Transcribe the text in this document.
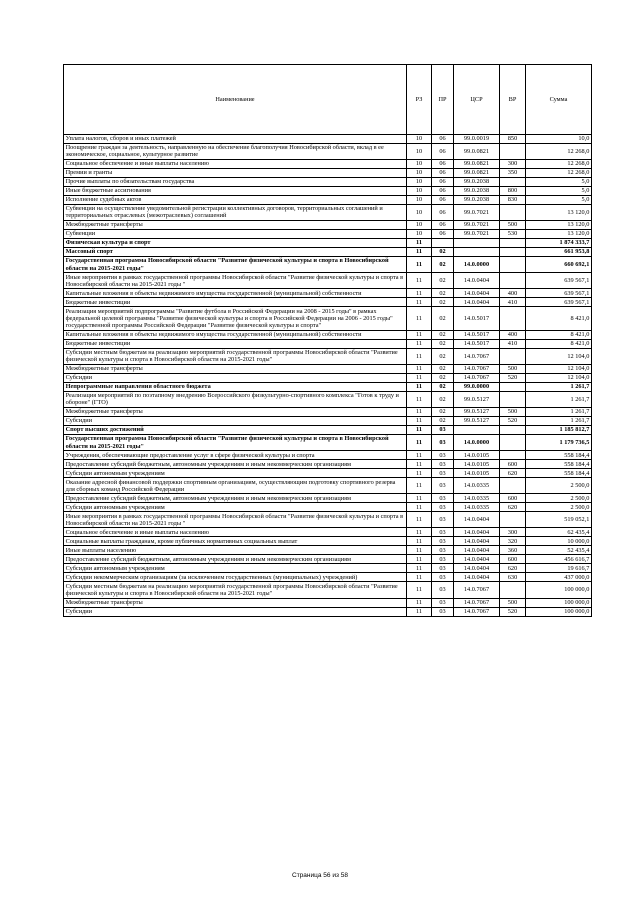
Наименование	РЗ	ПР	ЦСР	ВР	Сумма
Уплата налогов, сборов и иных платежей	10	06	99.0.0019	850	10,0
Поощрение граждан за деятельность, направленную на обеспечение благополучия Новосибирской области, вклад в ее экономическое, социальное, культурное развитие	10	06	99.0.0821		12 268,0
Социальное обеспечение и иные выплаты населению	10	06	99.0.0821	300	12 268,0
Премии и гранты	10	06	99.0.0821	350	12 268,0
Прочие выплаты по обязательствам государства	10	06	99.0.2038		5,0
Иные бюджетные ассигнования	10	06	99.0.2038	800	5,0
Исполнение судебных актов	10	06	99.0.2038	830	5,0
Субвенции на осуществление уведомительной регистрации коллективных договоров, территориальных соглашений и территориальных отраслевых (межотраслевых) соглашений	10	06	99.0.7021		13 120,0
Межбюджетные трансферты	10	06	99.0.7021	500	13 120,0
Субвенции	10	06	99.0.7021	530	13 120,0
Физическая культура и спорт	11				1 874 333,7
Массовый спорт	11	02			661 953,8
Государственная программа Новосибирской области "Развитие физической культуры и спорта в Новосибирской области на 2015-2021 годы"	11	02	14.0.0000		660 692,1
Иные мероприятия в рамках государственной программы Новосибирской области "Развитие физической культуры и спорта в Новосибирской области на 2015-2021 годы "	11	02	14.0.0404		639 567,1
Капитальные вложения в объекты недвижимого имущества государственной (муниципальной) собственности	11	02	14.0.0404	400	639 567,1
Бюджетные инвестиции	11	02	14.0.0404	410	639 567,1
Реализация мероприятий подпрограммы "Развитие футбола в Российской Федерации на 2008 - 2015 годы" в рамках федеральной целевой программы "Развитие физической культуры и спорта в Российской Федерации на 2006 - 2015 годы" государственной программы Российской Федерации "Развитие физической культуры и спорта"	11	02	14.0.5017		8 421,0
Капитальные вложения в объекты недвижимого имущества государственной (муниципальной) собственности	11	02	14.0.5017	400	8 421,0
Бюджетные инвестиции	11	02	14.0.5017	410	8 421,0
Субсидии местным бюджетам на реализацию мероприятий государственной программы Новосибирской области "Развитие физической культуры и спорта в Новосибирской области на 2015-2021 годы"	11	02	14.0.7067		12 104,0
Межбюджетные трансферты	11	02	14.0.7067	500	12 104,0
Субсидии	11	02	14.0.7067	520	12 104,0
Непрограммные направления областного бюджета	11	02	99.0.0000		1 261,7
Реализация мероприятий по поэтапному внедрению Всероссийского физкультурно-спортивного комплекса "Готов к труду и обороне" (ГТО)	11	02	99.0.5127		1 261,7
Межбюджетные трансферты	11	02	99.0.5127	500	1 261,7
Субсидии	11	02	99.0.5127	520	1 261,7
Спорт высших достижений	11	03			1 185 812,7
Государственная программа Новосибирской области "Развитие физической культуры и спорта в Новосибирской области на 2015-2021 годы"	11	03	14.0.0000		1 179 736,5
Учреждения, обеспечивающие предоставление услуг в сфере физической культуры и спорта	11	03	14.0.0105		558 184,4
Предоставление субсидий бюджетным, автономным учреждениям и иным некоммерческим организациям	11	03	14.0.0105	600	558 184,4
Субсидии автономным учреждениям	11	03	14.0.0105	620	558 184,4
Оказание адресной финансовой поддержки спортивным организациям, осуществляющим подготовку спортивного резерва для сборных команд Российской Федерации	11	03	14.0.0335		2 500,0
Предоставление субсидий бюджетным, автономным учреждениям и иным некоммерческим организациям	11	03	14.0.0335	600	2 500,0
Субсидии автономным учреждениям	11	03	14.0.0335	620	2 500,0
Иные мероприятия в рамках государственной программы Новосибирской области "Развитие физической культуры и спорта в Новосибирской области на 2015-2021 годы "	11	03	14.0.0404		519 052,1
Социальное обеспечение и иные выплаты населению	11	03	14.0.0404	300	62 435,4
Социальные выплаты гражданам, кроме публичных нормативных социальных выплат	11	03	14.0.0404	320	10 000,0
Иные выплаты населению	11	03	14.0.0404	360	52 435,4
Предоставление субсидий бюджетным, автономным учреждениям и иным некоммерческим организациям	11	03	14.0.0404	600	456 616,7
Субсидии автономным учреждениям	11	03	14.0.0404	620	19 616,7
Субсидии некоммерческим организациям (за исключением государственных (муниципальных) учреждений)	11	03	14.0.0404	630	437 000,0
Субсидии местным бюджетам на реализацию мероприятий государственной программы Новосибирской области "Развитие физической культуры и спорта в Новосибирской области на 2015-2021 годы"	11	03	14.0.7067		100 000,0
Межбюджетные трансферты	11	03	14.0.7067	500	100 000,0
Субсидии	11	03	14.0.7067	520	100 000,0
Страница 56 из 58
